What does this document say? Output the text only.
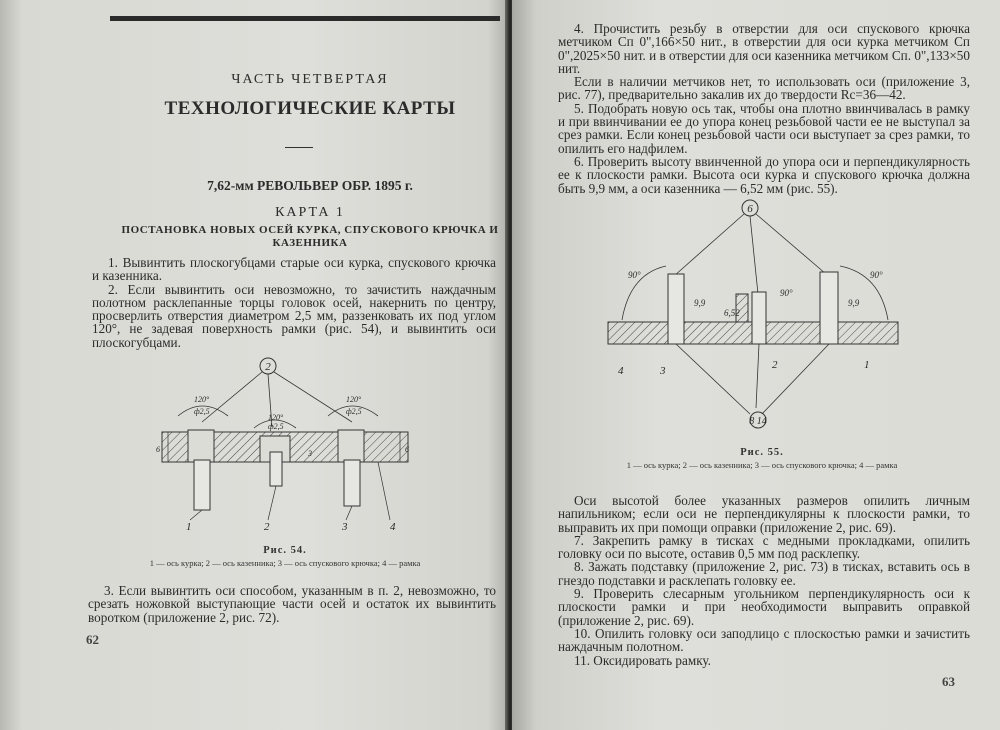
ЧАСТЬ ЧЕТВЕРТАЯ
ТЕХНОЛОГИЧЕСКИЕ КАРТЫ
7,62-мм РЕВОЛЬВЕР ОБР. 1895 г.
КАРТА 1
ПОСТАНОВКА НОВЫХ ОСЕЙ КУРКА, СПУСКОВОГО КРЮЧКА И КАЗЕННИКА

1. Вывинтить плоскогубцами старые оси курка, спускового крючка и казенника.

2. Если вывинтить оси невозможно, то зачистить наждачным полотном расклепанные торцы головок осей, накернить по центру, просверлить отверстия диаметром 2,5 мм, раззенковать их под углом 120°, не задевая поверхность рамки (рис. 54), и вывинтить оси плоскогубцами.

2
120°
ф2,5
120°
ф2,5
120°
ф2,5
6	3	6
1	2	3	4
Рис. 54.
1 — ось курка; 2 — ось казенника; 3 — ось спускового крючка; 4 — рамка

3. Если вывинтить оси способом, указанным в п. 2, невозможно, то срезать ножовкой выступающие части осей и остаток их вывинтить воротком (приложение 2, рис. 72).

62

4. Прочистить резьбу в отверстии для оси спускового крючка метчиком Сп 0",166×50 нит., в отверстии для оси курка метчиком Сп 0",2025×50 нит. и в отверстии для оси казенника метчиком Сп. 0",133×50 нит.

Если в наличии метчиков нет, то использовать оси (приложение 3, рис. 77), предварительно закалив их до твердости Rc=36—42.

5. Подобрать новую ось так, чтобы она плотно ввинчивалась в рамку и при ввинчивании ее до упора конец резьбовой части ее не выступал за срез рамки. Если конец резьбовой части оси выступает за срез рамки, то опилить его надфилем.

6. Проверить высоту ввинченной до упора оси и перпендикулярность ее к плоскости рамки. Высота оси курка и спускового крючка должна быть 9,9 мм, а оси казенника — 6,52 мм (рис. 55).

6
90°	90°
90°
9,9
6,52
9,9
8 14
4	3	2	1
Рис. 55.
1 — ось курка; 2 — ось казенника; 3 — ось спускового крючка; 4 — рамка

Оси высотой более указанных размеров опилить личным напильником; если оси не перпендикулярны к плоскости рамки, то выправить их при помощи оправки (приложение 2, рис. 69).

7. Закрепить рамку в тисках с медными прокладками, опилить головку оси по высоте, оставив 0,5 мм под расклепку.

8. Зажать подставку (приложение 2, рис. 73) в тисках, вставить ось в гнездо подставки и расклепать головку ее.

9. Проверить слесарным угольником перпендикулярность оси к плоскости рамки и при необходимости выправить оправкой (приложение 2, рис. 69).

10. Опилить головку оси заподлицо с плоскостью рамки и зачистить наждачным полотном.

11. Оксидировать рамку.

63
